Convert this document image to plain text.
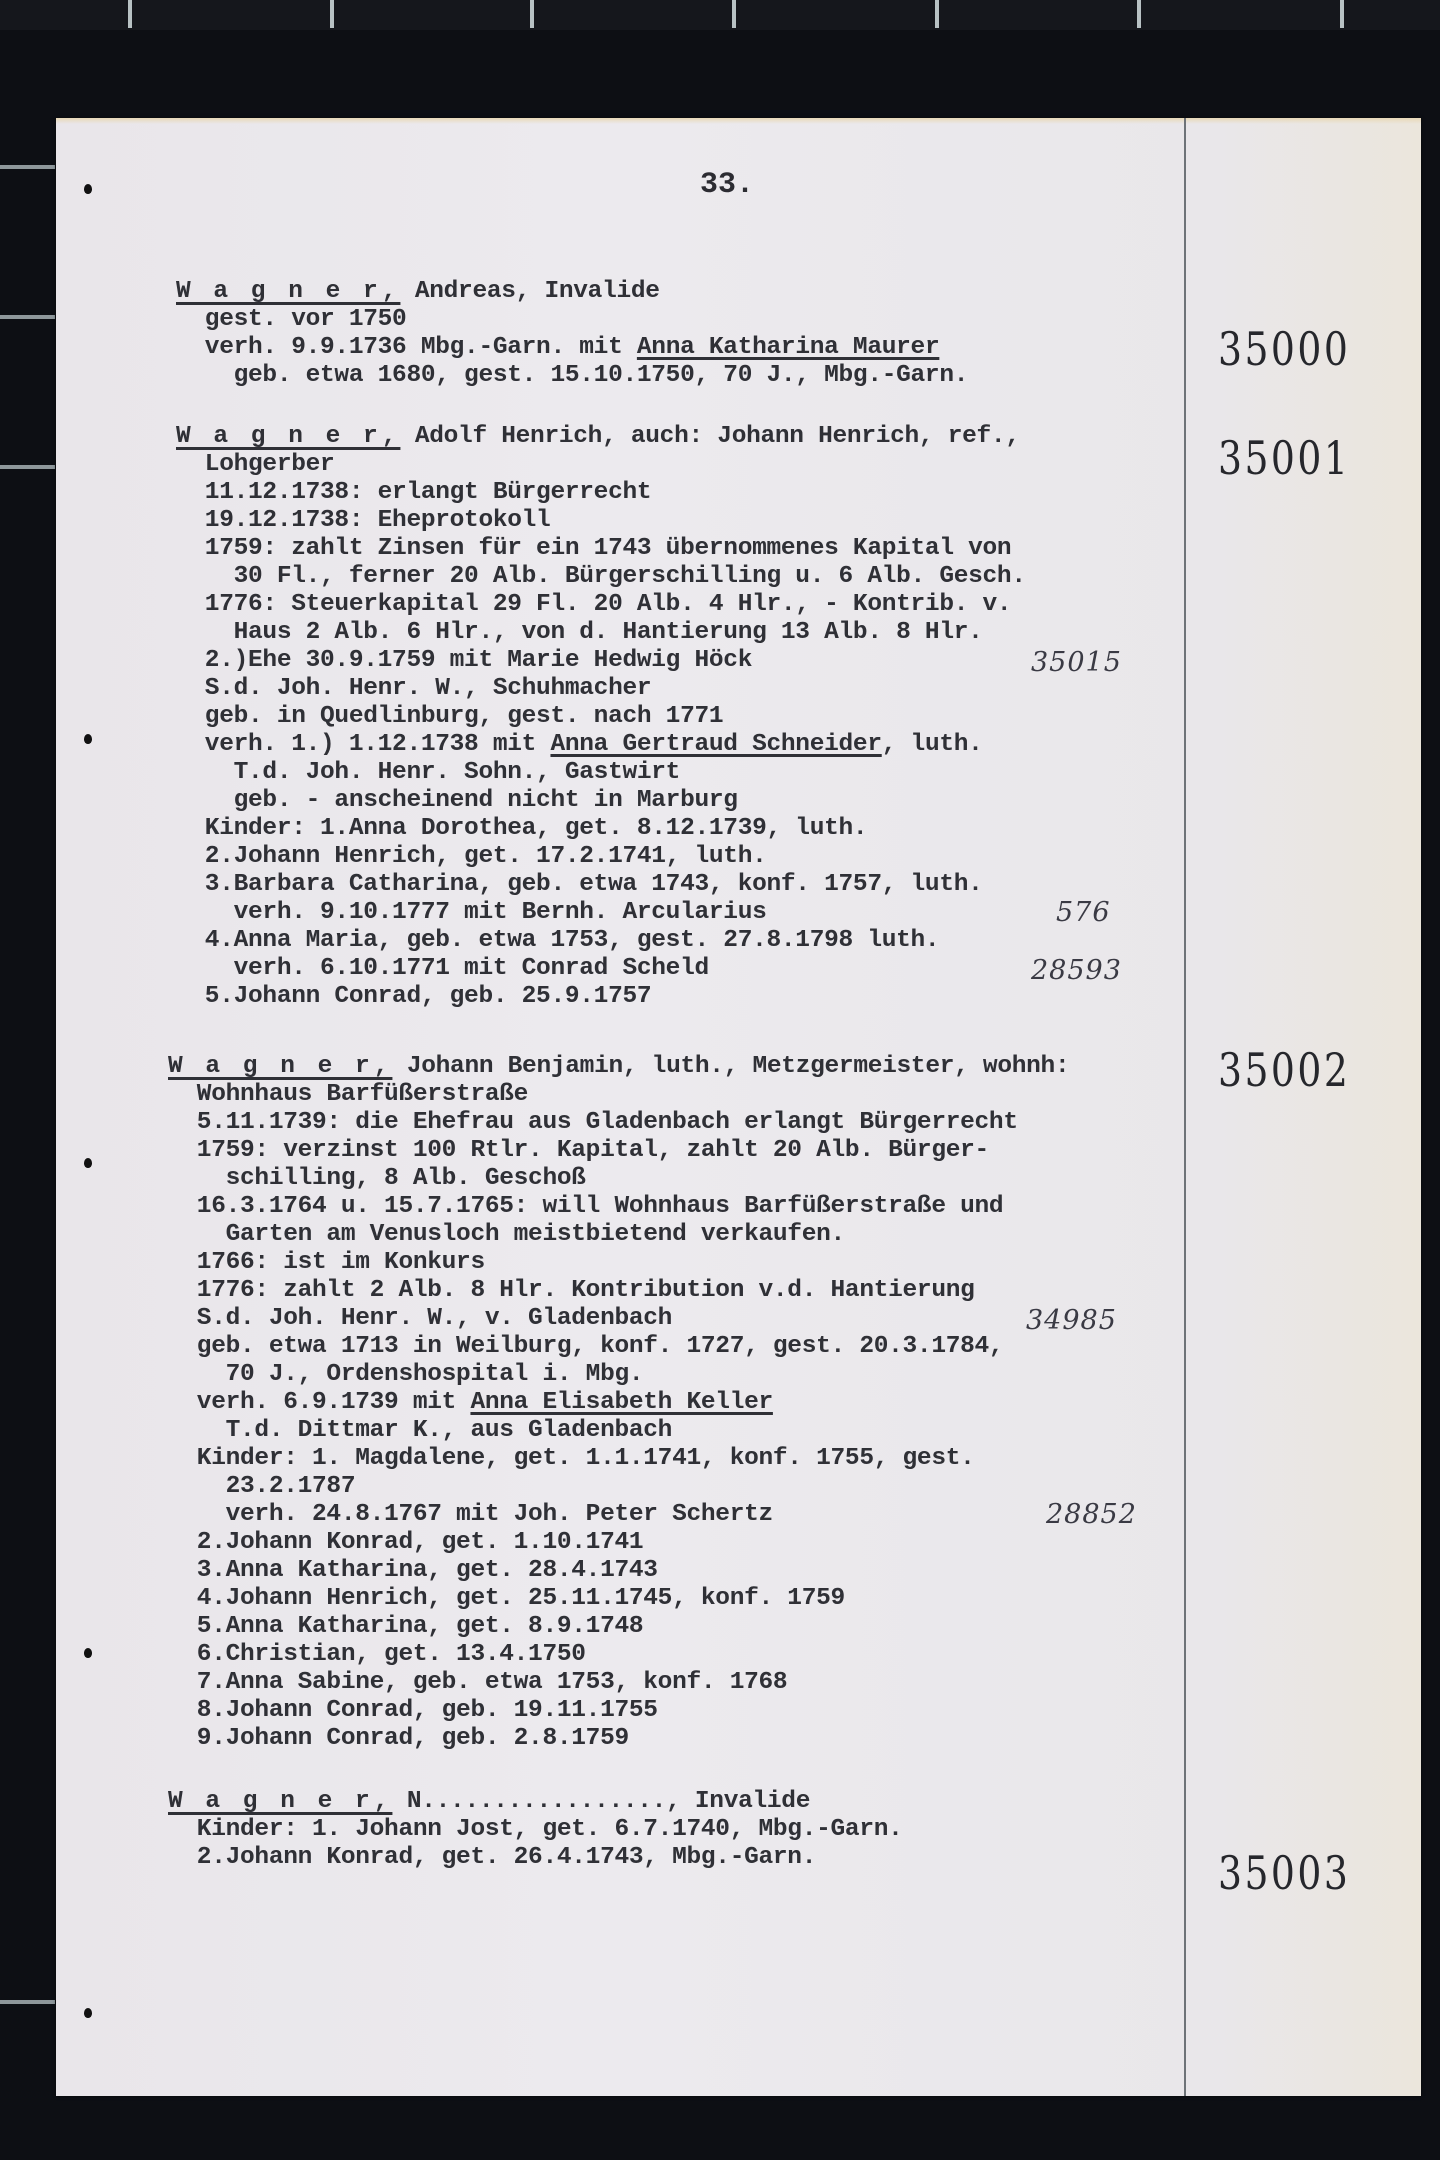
33.
W a g n e r, Andreas, Invalide
gest. vor 1750
verh. 9.9.1736 Mbg.-Garn. mit Anna Katharina Maurer
geb. etwa 1680, gest. 15.10.1750, 70 J., Mbg.-Garn.	35000
W a g n e r, Adolf Henrich, auch: Johann Henrich, ref.,
Lohgerber
11.12.1738: erlangt Bürgerrecht
19.12.1738: Eheprotokoll
1759: zahlt Zinsen für ein 1743 übernommenes Kapital von
30 Fl., ferner 20 Alb. Bürgerschilling u. 6 Alb. Gesch.
1776: Steuerkapital 29 Fl. 20 Alb. 4 Hlr., - Kontrib. v.
Haus 2 Alb. 6 Hlr., von d. Hantierung 13 Alb. 8 Hlr.
2.)Ehe 30.9.1759 mit Marie Hedwig Höck
S.d. Joh. Henr. W., Schuhmacher
geb. in Quedlinburg, gest. nach 1771
verh. 1.) 1.12.1738 mit Anna Gertraud Schneider, luth.
T.d. Joh. Henr. Sohn., Gastwirt
geb. - anscheinend nicht in Marburg
Kinder: 1.Anna Dorothea, get. 8.12.1739, luth.
2.Johann Henrich, get. 17.2.1741, luth.
3.Barbara Catharina, geb. etwa 1743, konf. 1757, luth.
verh. 9.10.1777 mit Bernh. Arcularius
4.Anna Maria, geb. etwa 1753, gest. 27.8.1798 luth.
verh. 6.10.1771 mit Conrad Scheld
5.Johann Conrad, geb. 25.9.1757
35001
35015
576
28593
W a g n e r, Johann Benjamin, luth., Metzgermeister, wohnh:
Wohnhaus Barfüßerstraße
5.11.1739: die Ehefrau aus Gladenbach erlangt Bürgerrecht
1759: verzinst 100 Rtlr. Kapital, zahlt 20 Alb. Bürger-
schilling, 8 Alb. Geschoß
16.3.1764 u. 15.7.1765: will Wohnhaus Barfüßerstraße und
Garten am Venusloch meistbietend verkaufen.
1766: ist im Konkurs
1776: zahlt 2 Alb. 8 Hlr. Kontribution v.d. Hantierung
S.d. Joh. Henr. W., v. Gladenbach
geb. etwa 1713 in Weilburg, konf. 1727, gest. 20.3.1784,
70 J., Ordenshospital i. Mbg.
verh. 6.9.1739 mit Anna Elisabeth Keller
T.d. Dittmar K., aus Gladenbach
Kinder: 1. Magdalene, get. 1.1.1741, konf. 1755, gest.
23.2.1787
verh. 24.8.1767 mit Joh. Peter Schertz
2.Johann Konrad, get. 1.10.1741
3.Anna Katharina, get. 28.4.1743
4.Johann Henrich, get. 25.11.1745, konf. 1759
5.Anna Katharina, get. 8.9.1748
6.Christian, get. 13.4.1750
7.Anna Sabine, geb. etwa 1753, konf. 1768
8.Johann Conrad, geb. 19.11.1755
9.Johann Conrad, geb. 2.8.1759
35002
34985
28852
W a g n e r, N................., Invalide
Kinder: 1. Johann Jost, get. 6.7.1740, Mbg.-Garn.
2.Johann Konrad, get. 26.4.1743, Mbg.-Garn.	35003
